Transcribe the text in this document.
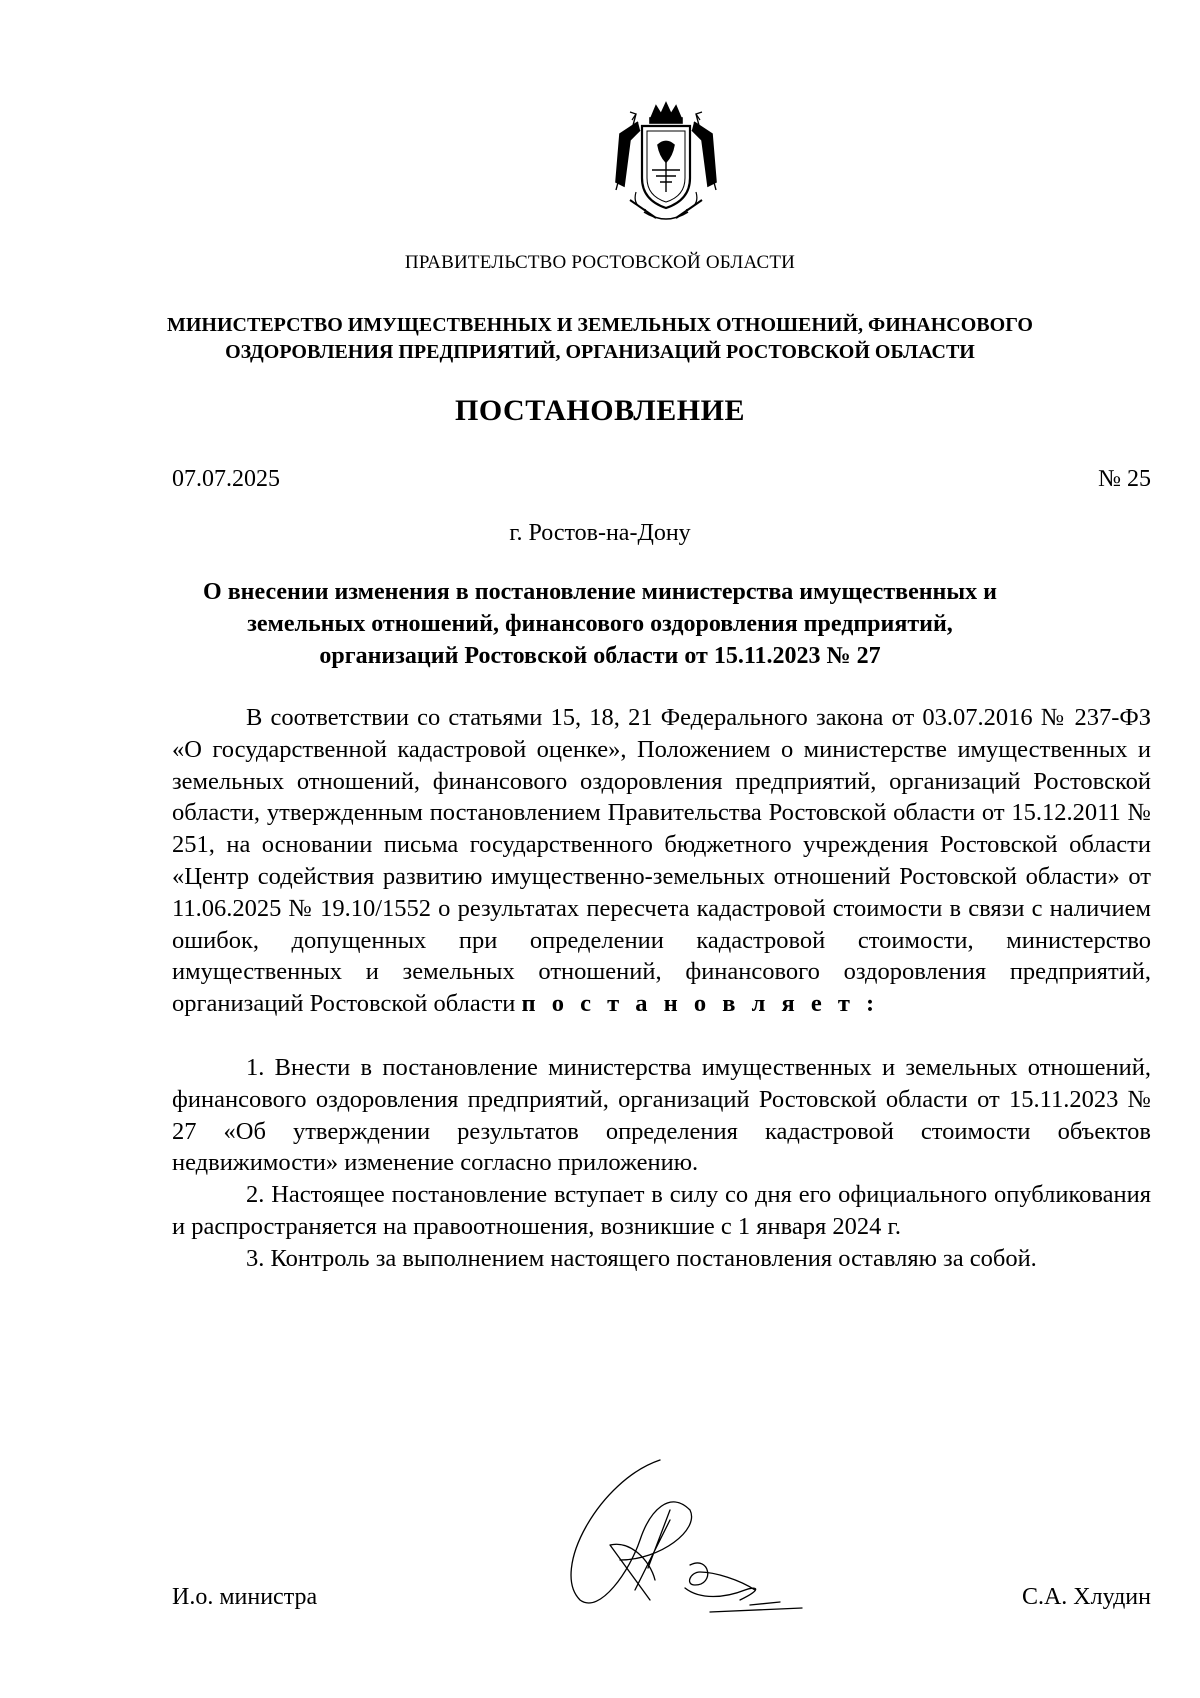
ПРАВИТЕЛЬСТВО РОСТОВСКОЙ ОБЛАСТИ
МИНИСТЕРСТВО ИМУЩЕСТВЕННЫХ И ЗЕМЕЛЬНЫХ ОТНОШЕНИЙ, ФИНАНСОВОГО
ОЗДОРОВЛЕНИЯ ПРЕДПРИЯТИЙ, ОРГАНИЗАЦИЙ РОСТОВСКОЙ ОБЛАСТИ
ПОСТАНОВЛЕНИЕ
07.07.2025	№ 25
г. Ростов-на-Дону
О внесении изменения в постановление министерства имущественных и
земельных отношений, финансового оздоровления предприятий,
организаций Ростовской области от 15.11.2023 № 27

В соответствии со статьями 15, 18, 21 Федерального закона от 03.07.2016 № 237-ФЗ «О государственной кадастровой оценке», Положением о министерстве имущественных и земельных отношений, финансового оздоровления предприятий, организаций Ростовской области, утвержденным постановлением Правительства Ростовской области от 15.12.2011 № 251, на основании письма государственного бюджетного учреждения Ростовской области «Центр содействия развитию имущественно-земельных отношений Ростовской области» от 11.06.2025 № 19.10/1552 о результатах пересчета кадастровой стоимости в связи с наличием ошибок, допущенных при определении кадастровой стоимости, министерство имущественных и земельных отношений, финансового оздоровления предприятий, организаций Ростовской области п о с т а н о в л я е т :

1. Внести в постановление министерства имущественных и земельных отношений, финансового оздоровления предприятий, организаций Ростовской области от 15.11.2023 № 27 «Об утверждении результатов определения кадастровой стоимости объектов недвижимости» изменение согласно приложению.

2. Настоящее постановление вступает в силу со дня его официального опубликования и распространяется на правоотношения, возникшие с 1 января 2024 г.

3. Контроль за выполнением настоящего постановления оставляю за собой.

И.о. министра	С.А. Хлудин
